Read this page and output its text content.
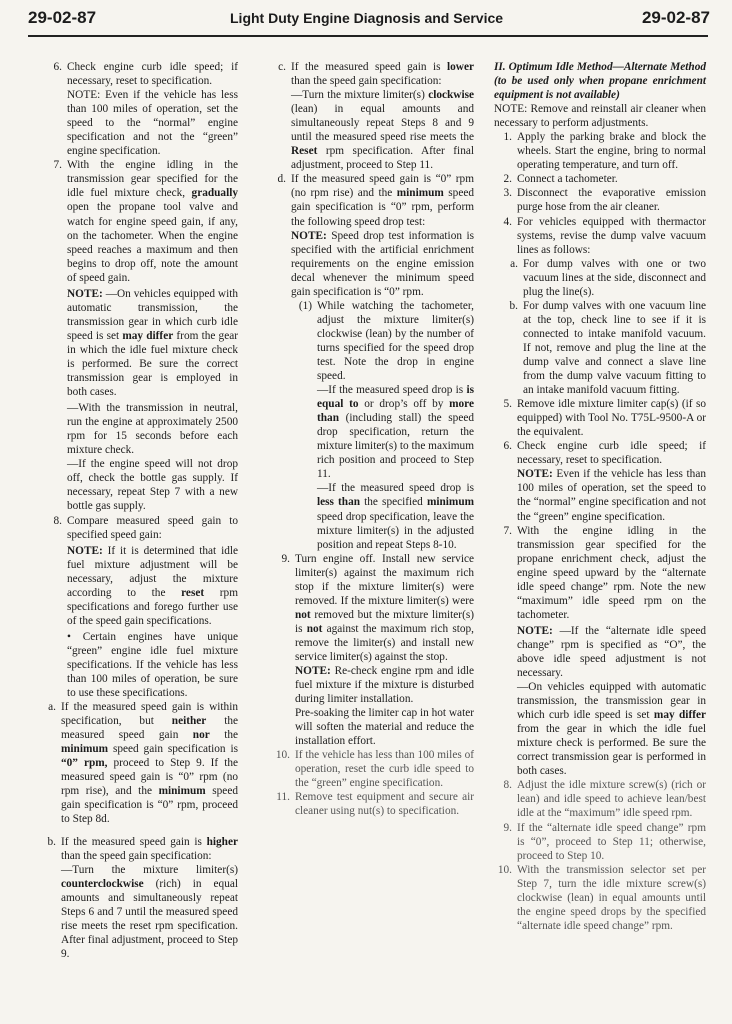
29-02-87	Light Duty Engine Diagnosis and Service	29-02-87
6. Check engine curb idle speed; if necessary, reset to specification.
NOTE: Even if the vehicle has less than 100 miles of operation, set the speed to the “normal” engine specification and not the “green” engine specification.
7. With the engine idling in the transmission gear specified for the idle fuel mixture check, gradually open the propane tool valve and watch for engine speed gain, if any, on the tachometer. When the engine speed reaches a maximum and then begins to drop off, note the amount of speed gain.
NOTE: —On vehicles equipped with automatic transmission, the transmission gear in which curb idle speed is set may differ from the gear in which the idle fuel mixture check is performed. Be sure the correct transmission gear is employed in both cases.
—With the transmission in neutral, run the engine at approximately 2500 rpm for 15 seconds before each mixture check.
—If the engine speed will not drop off, check the bottle gas supply. If necessary, repeat Step 7 with a new bottle gas supply.
8. Compare measured speed gain to specified speed gain:
NOTE: If it is determined that idle fuel mixture adjustment will be necessary, adjust the mixture according to the reset rpm specifications and forego further use of the speed gain specifications.
• Certain engines have unique “green” engine idle fuel mixture specifications. If the vehicle has less than 100 miles of operation, be sure to use these specifications.
a. If the measured speed gain is within specification, but neither the measured speed gain nor the minimum speed gain specification is “0” rpm, proceed to Step 9. If the measured speed gain is “0” rpm (no rpm rise), and the minimum speed gain specification is “0” rpm, proceed to Step 8d.
b. If the measured speed gain is higher than the speed gain specification:
—Turn the mixture limiter(s) counterclockwise (rich) in equal amounts and simultaneously repeat Steps 6 and 7 until the measured speed rise meets the reset rpm specification. After final adjustment, proceed to Step 9.
c. If the measured speed gain is lower than the speed gain specification:
—Turn the mixture limiter(s) clockwise (lean) in equal amounts and simultaneously repeat Steps 8 and 9 until the measured speed rise meets the Reset rpm specification. After final adjustment, proceed to Step 11.
d. If the measured speed gain is “0” rpm (no rpm rise) and the minimum speed gain specification is “0” rpm, perform the following speed drop test:
NOTE: Speed drop test information is specified with the artificial enrichment requirements on the engine emission decal whenever the minimum speed gain specification is “0” rpm.
(1) While watching the tachometer, adjust the mixture limiter(s) clockwise (lean) by the number of turns specified for the speed drop test. Note the drop in engine speed.
—If the measured speed drop is is equal to or drop’s off by more than (including stall) the speed drop specification, return the mixture limiter(s) to the maximum rich position and proceed to Step 11.
—If the measured speed drop is less than the specified minimum speed drop specification, leave the mixture limiter(s) in the adjusted position and repeat Steps 8-10.
9. Turn engine off. Install new service limiter(s) against the maximum rich stop if the mixture limiter(s) were removed. If the mixture limiter(s) were not removed but the mixture limiter(s) is not against the maximum rich stop, remove the limiter(s) and install new service limiter(s) against the stop.
NOTE: Re-check engine rpm and idle fuel mixture if the mixture is disturbed during limiter installation.
Pre-soaking the limiter cap in hot water will soften the material and reduce the installation effort.
10. If the vehicle has less than 100 miles of operation, reset the curb idle speed to the “green” engine specification.
11. Remove test equipment and secure air cleaner using nut(s) to specification.
II. Optimum Idle Method—Alternate Method (to be used only when propane enrichment equipment is not available)
NOTE: Remove and reinstall air cleaner when necessary to perform adjustments.
1. Apply the parking brake and block the wheels. Start the engine, bring to normal operating temperature, and turn off.
2. Connect a tachometer.
3. Disconnect the evaporative emission purge hose from the air cleaner.
4. For vehicles equipped with thermactor systems, revise the dump valve vacuum lines as follows:
a. For dump valves with one or two vacuum lines at the side, disconnect and plug the line(s).
b. For dump valves with one vacuum line at the top, check line to see if it is connected to intake manifold vacuum. If not, remove and plug the line at the dump valve and connect a slave line from the dump valve vacuum fitting to an intake manifold vacuum fitting.
5. Remove idle mixture limiter cap(s) (if so equipped) with Tool No. T75L-9500-A or the equivalent.
6. Check engine curb idle speed; if necessary, reset to specification.
NOTE: Even if the vehicle has less than 100 miles of operation, set the speed to the “normal” engine specification and not the “green” engine specification.
7. With the engine idling in the transmission gear specified for the propane enrichment check, adjust the engine speed upward by the “alternate idle speed change” rpm. Note the new “maximum” idle speed rpm on the tachometer.
NOTE: —If the “alternate idle speed change” rpm is specified as “O”, the above idle speed adjustment is not necessary.
—On vehicles equipped with automatic transmission, the transmission gear in which curb idle speed is set may differ from the gear in which the idle fuel mixture check is performed. Be sure the correct transmission gear is performed in both cases.
8. Adjust the idle mixture screw(s) (rich or lean) and idle speed to achieve lean/best idle at the “maximum” idle speed rpm.
9. If the “alternate idle speed change” rpm is “0”, proceed to Step 11; otherwise, proceed to Step 10.
10. With the transmission selector set per Step 7, turn the idle mixture screw(s) clockwise (lean) in equal amounts until the engine speed drops by the specified “alternate idle speed change” rpm.
